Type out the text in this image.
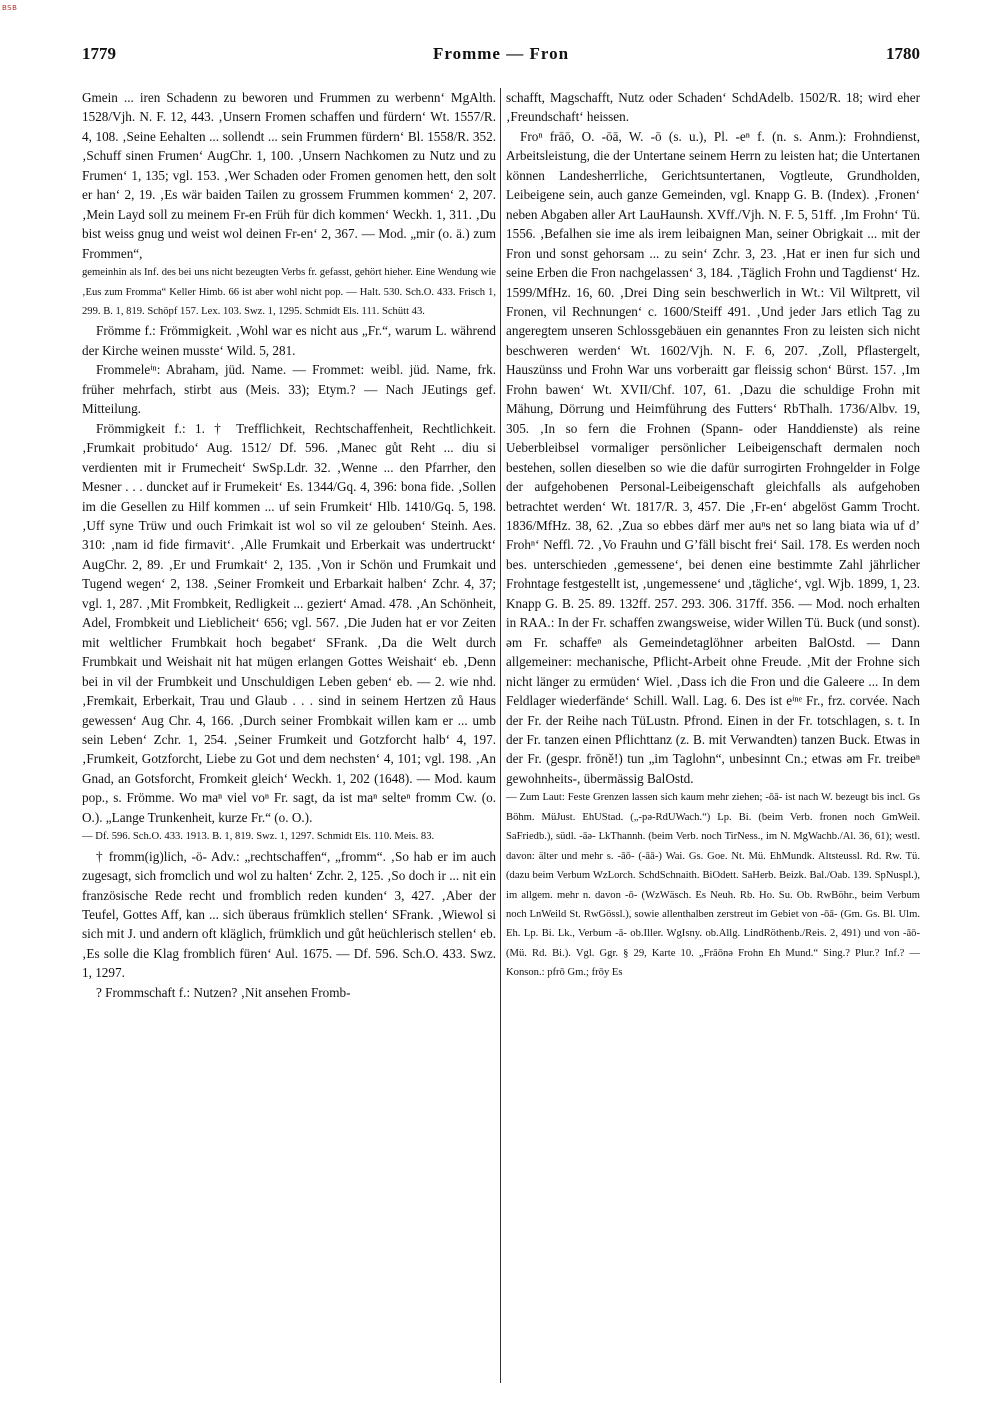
BSB
1779	Fromme — Fron	1780

Gmein ... iren Schadenn zu beworen und Frummen zu werbenn‘ MgAlth. 1528/Vjh. N. F. 12, 443. ‚Unsern Fromen schaffen und fürdern‘ Wt. 1557/R. 4, 108. ‚Seine Eehalten ... sollendt ... sein Frummen fürdern‘ Bl. 1558/R. 352. ‚Schuff sinen Frumen‘ AugChr. 1, 100. ‚Unsern Nachkomen zu Nutz und zu Frumen‘ 1, 135; vgl. 153. ‚Wer Schaden oder Fromen genomen hett, den solt er han‘ 2, 19. ‚Es wär baiden Tailen zu grossem Frummen kommen‘ 2, 207. ‚Mein Layd soll zu meinem Fr-en Früh für dich kommen‘ Weckh. 1, 311. ‚Du bist weiss gnug und weist wol deinen Fr-en‘ 2, 367. — Mod. „mir (o. ä.) zum Frommen“,

gemeinhin als Inf. des bei uns nicht bezeugten Verbs fr. gefasst, gehört hieher. Eine Wendung wie ‚Eus zum Fromma“ Keller Himb. 66 ist aber wohl nicht pop. — Halt. 530. Sch.O. 433. Frisch 1, 299. B. 1, 819. Schöpf 157. Lex. 103. Swz. 1, 1295. Schmidt Els. 111. Schütt 43.

Frömme f.: Frömmigkeit. ‚Wohl war es nicht aus „Fr.“, warum L. während der Kirche weinen musste‘ Wild. 5, 281.

Frommeleⁱⁿ: Abraham, jüd. Name. — Frommet: weibl. jüd. Name, frk. früher mehrfach, stirbt aus (Meis. 33); Etym.? — Nach JEutings gef. Mitteilung.

Frömmigkeit f.: 1. † Trefflichkeit, Rechtschaffenheit, Rechtlichkeit. ‚Frumkait probitudo‘ Aug. 1512/ Df. 596. ‚Manec gůt Reht ... diu si verdienten mit ir Frumecheit‘ SwSp.Ldr. 32. ‚Wenne ... den Pfarrher, den Mesner . . . duncket auf ir Frumekeit‘ Es. 1344/Gq. 4, 396: bona fide. ‚Sollen im die Gesellen zu Hilf kommen ... uf sein Frumkeit‘ Hlb. 1410/Gq. 5, 198. ‚Uff syne Trüw und ouch Frimkait ist wol so vil ze gelouben‘ Steinh. Aes. 310: ‚nam id fide firmavit‘. ‚Alle Frumkait und Erberkait was undertruckt‘ AugChr. 2, 89. ‚Er und Frumkait‘ 2, 135. ‚Von ir Schön und Frumkait und Tugend wegen‘ 2, 138. ‚Seiner Fromkeit und Erbarkait halben‘ Zchr. 4, 37; vgl. 1, 287. ‚Mit Frombkeit, Redligkeit ... geziert‘ Amad. 478. ‚An Schönheit, Adel, Frombkeit und Lieblicheit‘ 656; vgl. 567. ‚Die Juden hat er vor Zeiten mit weltlicher Frumbkait hoch begabet‘ SFrank. ‚Da die Welt durch Frumbkait und Weishait nit hat mügen erlangen Gottes Weishait‘ eb. ‚Denn bei in vil der Frumbkeit und Unschuldigen Leben geben‘ eb. — 2. wie nhd. ‚Fremkait, Erberkait, Trau und Glaub . . . sind in seinem Hertzen zů Haus gewessen‘ Aug Chr. 4, 166. ‚Durch seiner Frombkait willen kam er ... umb sein Leben‘ Zchr. 1, 254. ‚Seiner Frumkeit und Gotzforcht halb‘ 4, 197. ‚Frumkeit, Gotzforcht, Liebe zu Got und dem nechsten‘ 4, 101; vgl. 198. ‚An Gnad, an Gotsforcht, Fromkeit gleich‘ Weckh. 1, 202 (1648). — Mod. kaum pop., s. Frömme. Wo maⁿ viel voⁿ Fr. sagt, da ist maⁿ selteⁿ fromm Cw. (o. O.). „Lange Trunkenheit, kurze Fr.“ (o. O.).

— Df. 596. Sch.O. 433. 1913. B. 1, 819. Swz. 1, 1297. Schmidt Els. 110. Meis. 83.

† fromm(ig)lich, -ö- Adv.: „rechtschaffen“, „fromm“. ‚So hab er im auch zugesagt, sich fromclich und wol zu halten‘ Zchr. 2, 125. ‚So doch ir ... nit ein französische Rede recht und fromblich reden kunden‘ 3, 427. ‚Aber der Teufel, Gottes Aff, kan ... sich überaus frümklich stellen‘ SFrank. ‚Wiewol si sich mit J. und andern oft kläglich, frümklich und gůt heüchlerisch stellen‘ eb. ‚Es solle die Klag fromblich füren‘ Aul. 1675. — Df. 596. Sch.O. 433. Swz. 1, 1297.

? Frommschaft f.: Nutzen? ‚Nit ansehen Fromb-

schafft, Magschafft, Nutz oder Schaden‘ SchdAdelb. 1502/R. 18; wird eher ‚Freundschaft‘ heissen.

Froⁿ frāō, O. -ōā, W. -ō (s. u.), Pl. -eⁿ f. (n. s. Anm.): Frohndienst, Arbeitsleistung, die der Untertane seinem Herrn zu leisten hat; die Untertanen können Landesherrliche, Gerichtsuntertanen, Vogtleute, Grundholden, Leibeigene sein, auch ganze Gemeinden, vgl. Knapp G. B. (Index). ‚Fronen‘ neben Abgaben aller Art LauHaunsh. XVff./Vjh. N. F. 5, 51ff. ‚Im Frohn‘ Tü. 1556. ‚Befalhen sie ime als irem leibaignen Man, seiner Obrigkait ... mit der Fron und sonst gehorsam ... zu sein‘ Zchr. 3, 23. ‚Hat er inen fur sich und seine Erben die Fron nachgelassen‘ 3, 184. ‚Täglich Frohn und Tagdienst‘ Hz. 1599/MfHz. 16, 60. ‚Drei Ding sein beschwerlich in Wt.: Vil Wiltprett, vil Fronen, vil Rechnungen‘ c. 1600/Steiff 491. ‚Und jeder Jars etlich Tag zu angeregtem unseren Schlossgebäuen ein genanntes Fron zu leisten sich nicht beschweren werden‘ Wt. 1602/Vjh. N. F. 6, 207. ‚Zoll, Pflastergelt, Hauszünss und Frohn War uns vorberaitt gar fleissig schon‘ Bürst. 157. ‚Im Frohn bawen‘ Wt. XVII/Chf. 107, 61. ‚Dazu die schuldige Frohn mit Mähung, Dörrung und Heimführung des Futters‘ RbThalh. 1736/Albv. 19, 305. ‚In so fern die Frohnen (Spann- oder Handdienste) als reine Ueberbleibsel vormaliger persönlicher Leibeigenschaft dermalen noch bestehen, sollen dieselben so wie die dafür surrogirten Frohngelder in Folge der aufgehobenen Personal-Leibeigenschaft gleichfalls als aufgehoben betrachtet werden‘ Wt. 1817/R. 3, 457. Die ‚Fr-en‘ abgelöst Gamm Trocht. 1836/MfHz. 38, 62. ‚Zua so ebbes därf mer auⁿs net so lang biata wia uf d’ Frohⁿ‘ Neffl. 72. ‚Vo Frauhn und G’fäll bischt frei‘ Sail. 178. Es werden noch bes. unterschieden ‚gemessene‘, bei denen eine bestimmte Zahl jährlicher Frohntage festgestellt ist, ‚ungemessene‘ und ‚tägliche‘, vgl. Wjb. 1899, 1, 23. Knapp G. B. 25. 89. 132ff. 257. 293. 306. 317ff. 356. — Mod. noch erhalten in RAA.: In der Fr. schaffen zwangsweise, wider Willen Tü. Buck (und sonst). əm Fr. schaffeⁿ als Gemeindetaglöhner arbeiten BalOstd. — Dann allgemeiner: mechanische, Pflicht-Arbeit ohne Freude. ‚Mit der Frohne sich nicht länger zu ermüden‘ Wiel. ‚Dass ich die Fron und die Galeere ... In dem Feldlager wiederfände‘ Schill. Wall. Lag. 6. Des ist eⁱⁿᵉ Fr., frz. corvée. Nach der Fr. der Reihe nach TüLustn. Pfrond. Einen in der Fr. totschlagen, s. t. In der Fr. tanzen einen Pflichttanz (z. B. mit Verwandten) tanzen Buck. Etwas in der Fr. (gespr. frōnĕ!) tun „im Taglohn“, unbesinnt Cn.; etwas əm Fr. treibeⁿ gewohnheits-, übermässig BalOstd.

— Zum Laut: Feste Grenzen lassen sich kaum mehr ziehen; -ōā- ist nach W. bezeugt bis incl. Gs Böhm. MüJust. EhUStad. („-pə-RdUWach.“) Lp. Bi. (beim Verb. fronen noch GmWeil. SaFriedb.), südl. -āə- LkThannh. (beim Verb. noch TirNess., im N. MgWachb./Al. 36, 61); westl. davon: älter und mehr s. -āō- (-āā-) Wai. Gs. Goe. Nt. Mü. EhMundk. Altsteussl. Rd. Rw. Tü. (dazu beim Verbum WzLorch. SchdSchnaith. BiOdett. SaHerb. Beizk. Bal./Oab. 139. SpNuspl.), im allgem. mehr n. davon -ō- (WzWäsch. Es Neuh. Rb. Ho. Su. Ob. RwBöhr., beim Verbum noch LnWeild St. RwGössl.), sowie allenthalben zerstreut im Gebiet von -ōā- (Gm. Gs. Bl. Ulm. Eh. Lp. Bi. Lk., Verbum -ā- ob.Iller. WgIsny. ob.Allg. LindRöthenb./Reis. 2, 491) und von -āō- (Mü. Rd. Bi.). Vgl. Ggr. § 29, Karte 10. „Frāōnə Frohn Eh Mund.“ Sing.? Plur.? Inf.? — Konson.: pfrō Gm.; frōy Es
